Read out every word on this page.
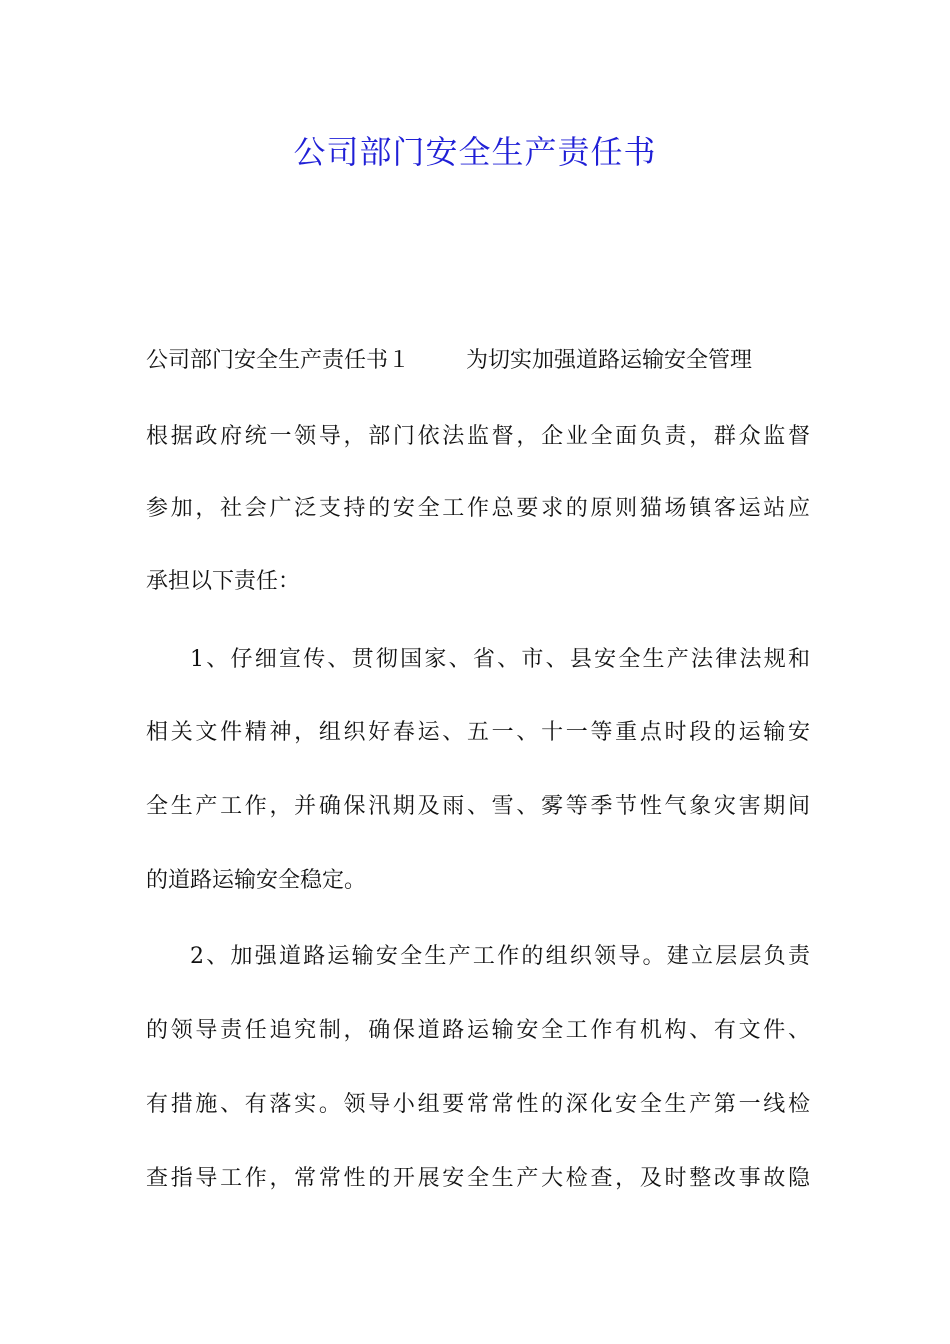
公司部门安全生产责任书
公司部门安全生产责任书１	为切实加强道路运输安全管理
根据政府统一领导，部门依法监督，企业全面负责，群众监督
参加，社会广泛支持的安全工作总要求的原则猫场镇客运站应
承担以下责任：
1、仔细宣传、贯彻国家、省、市、县安全生产法律法规和
相关文件精神，组织好春运、五一、十一等重点时段的运输安
全生产工作，并确保汛期及雨、雪、雾等季节性气象灾害期间
的道路运输安全稳定。
2、加强道路运输安全生产工作的组织领导。建立层层负责
的领导责任追究制，确保道路运输安全工作有机构、有文件、
有措施、有落实。领导小组要常常性的深化安全生产第一线检
查指导工作，常常性的开展安全生产大检查，及时整改事故隐
